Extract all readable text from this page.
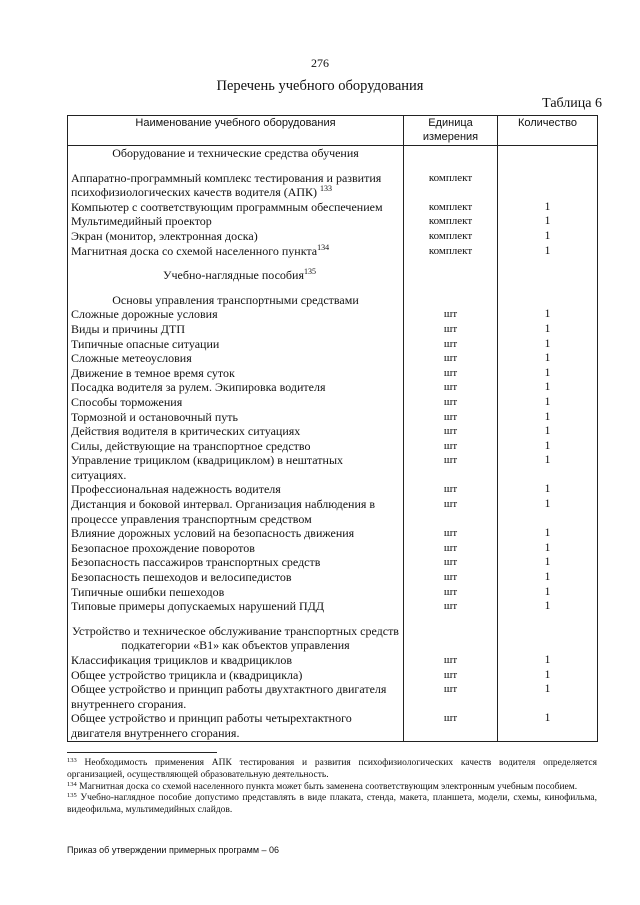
276
Перечень учебного оборудования
Таблица 6
Наименование учебного оборудования	Единица измерения	Количество
Оборудование и технические средства обучения		

Аппаратно-программный комплекс тестирования и развития психофизиологических качеств водителя (АПК) $^{133}$	комплект	
Компьютер с соответствующим программным обеспечением	комплект	1
Мультимедийный проектор	комплект	1
Экран (монитор, электронная доска)	комплект	1
Магнитная доска со схемой населенного пункта$^{134}$	комплект	1

Учебно-наглядные пособия$^{135}$		

Основы управления транспортными средствами		
Сложные дорожные условия	шт	1
Виды и причины ДТП	шт	1
Типичные опасные ситуации	шт	1
Сложные метеоусловия	шт	1
Движение в темное время суток	шт	1
Посадка водителя за рулем. Экипировка водителя	шт	1
Способы торможения	шт	1
Тормозной и остановочный путь	шт	1
Действия водителя в критических ситуациях	шт	1
Силы, действующие на транспортное средство	шт	1
Управление трициклом (квадрициклом) в нештатных ситуациях.	шт	1
Профессиональная надежность водителя	шт	1
Дистанция и боковой интервал. Организация наблюдения в процессе управления транспортным средством	шт	1
Влияние дорожных условий на безопасность движения	шт	1
Безопасное прохождение поворотов	шт	1
Безопасность пассажиров транспортных средств	шт	1
Безопасность пешеходов и велосипедистов	шт	1
Типичные ошибки пешеходов	шт	1
Типовые примеры допускаемых нарушений ПДД	шт	1

Устройство и техническое обслуживание транспортных средств подкатегории «B1» как объектов управления		
Классификация трициклов и квадрициклов	шт	1
Общее устройство трицикла и (квадрицикла)	шт	1
Общее устройство и принцип работы двухтактного двигателя внутреннего сгорания.	шт	1
Общее устройство и принцип работы четырехтактного двигателя внутреннего сгорания.	шт	1

$^{133}$ Необходимость применения АПК тестирования и развития психофизиологических качеств водителя определяется организацией, осуществляющей образовательную деятельность.

$^{134}$ Магнитная доска со схемой населенного пункта может быть заменена соответствующим электронным учебным пособием.

$^{135}$ Учебно-наглядное пособие допустимо представлять в виде плаката, стенда, макета, планшета, модели, схемы, кинофильма, видеофильма, мультимедийных слайдов.

Приказ об утверждении примерных программ – 06
